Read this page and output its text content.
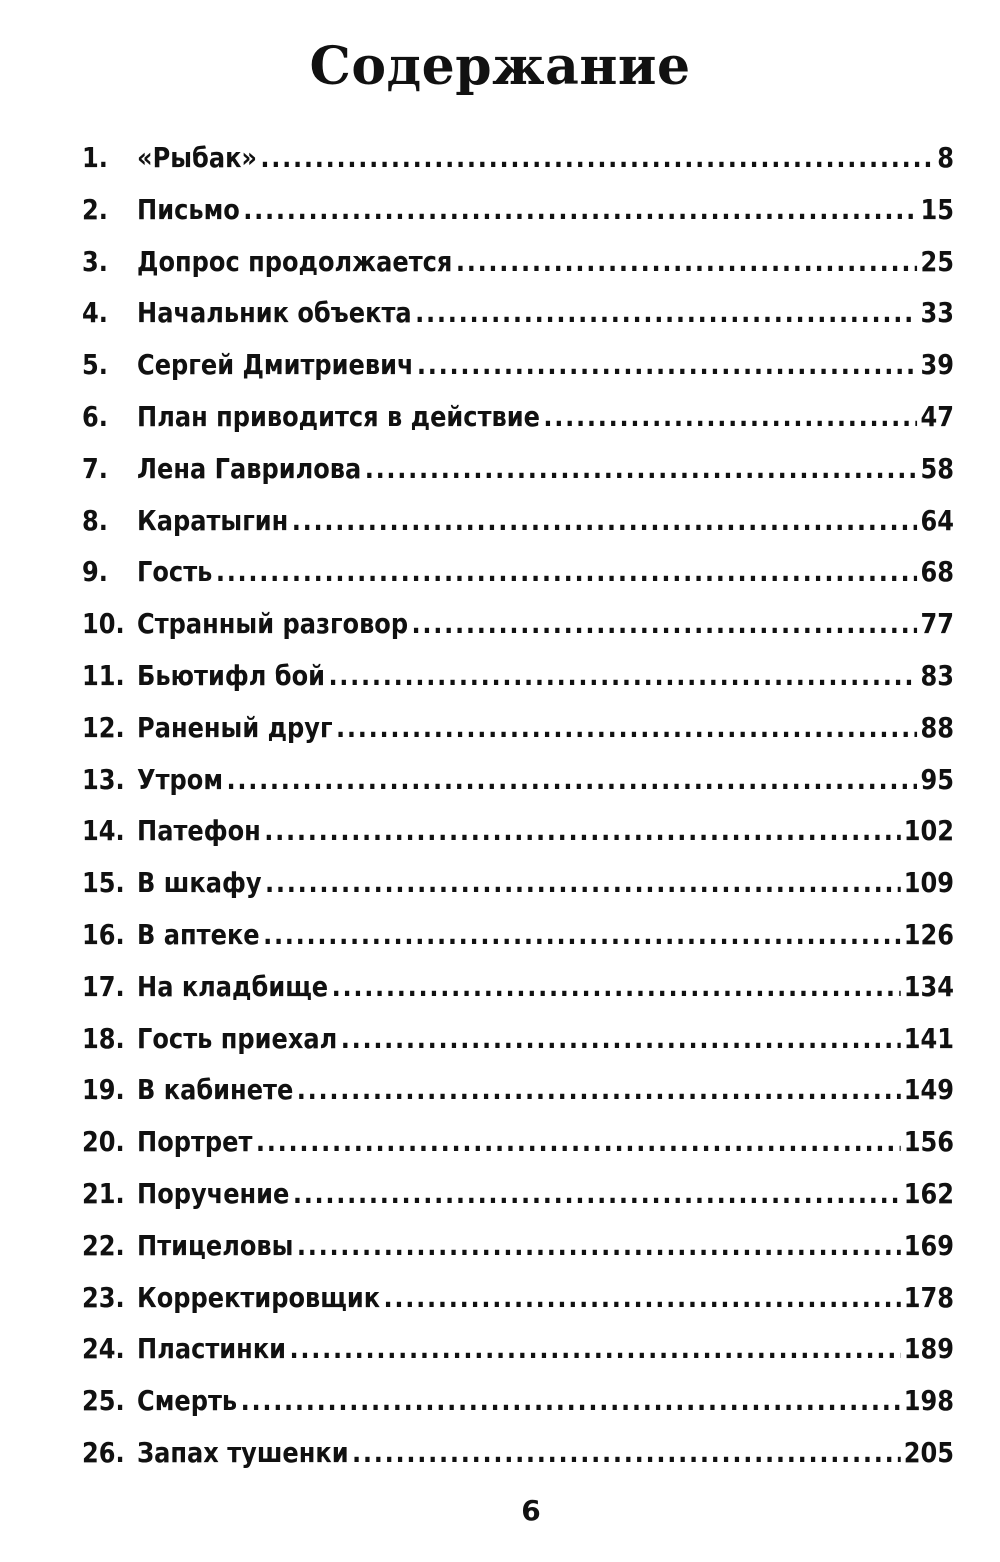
Содержание
1.	«Рыбак» .....	8
2.	Письмо .....	15
3.	Допрос продолжается .....	25
4.	Начальник объекта .....	33
5.	Сергей Дмитриевич .....	39
6.	План приводится в действие .....	47
7.	Лена Гаврилова .....	58
8.	Каратыгин .....	64
9.	Гость .....	68
10. Странный разговор .....	77
11. Бьютифл бой .....	83
12. Раненый друг .....	88
13. Утром .....	95
14. Патефон .....	102
15. В шкафу .....	109
16. В аптеке .....	126
17. На кладбище .....	134
18. Гость приехал .....	141
19. В кабинете .....	149
20. Портрет .....	156
21. Поручение .....	162
22. Птицеловы .....	169
23. Корректировщик .....	178
24. Пластинки .....	189
25. Смерть .....	198
26. Запах тушенки .....	205
6
